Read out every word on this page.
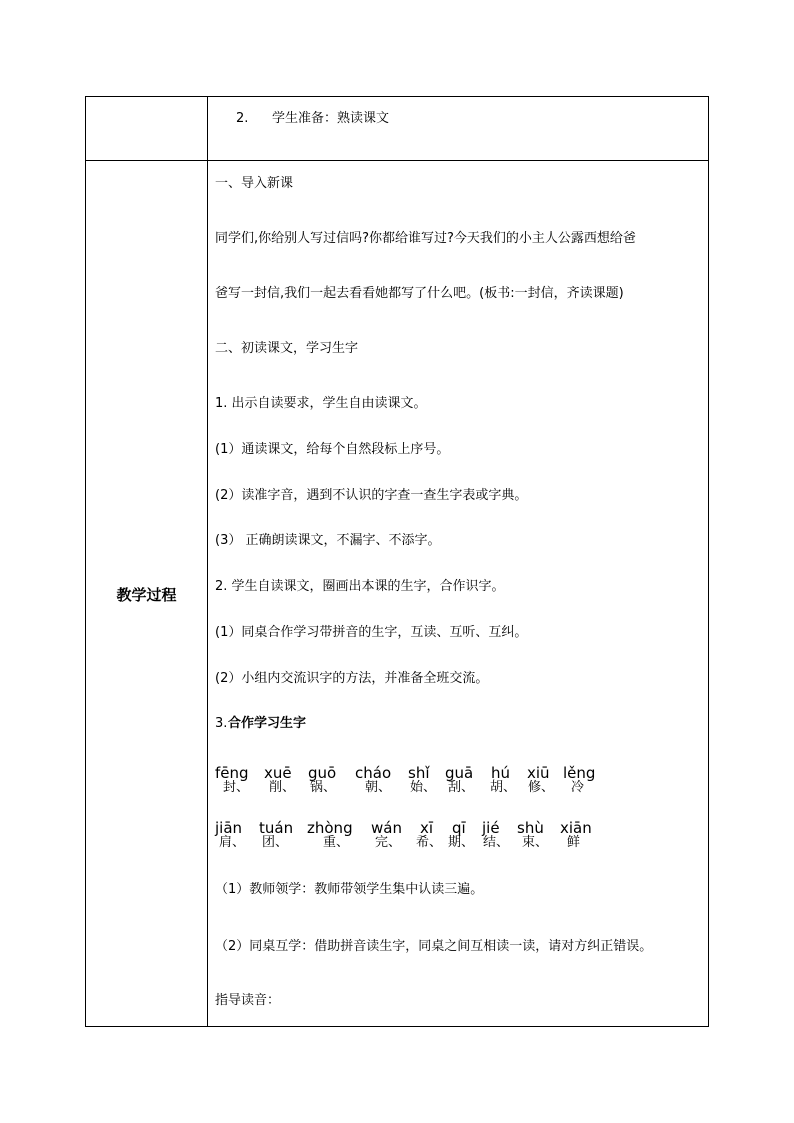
教学过程
2. 学生准备：熟读课文
一、导入新课
同学们,你给别人写过信吗?你都给谁写过?今天我们的小主人公露西想给爸
爸写一封信,我们一起去看看她都写了什么吧。(板书:一封信，齐读课题)
二、初读课文，学习生字
1. 出示自读要求，学生自由读课文。
(1）通读课文，给每个自然段标上序号。
(2）读准字音，遇到不认识的字查一查生字表或字典。
(3） 正确朗读课文，不漏字、不添字。
2. 学生自读课文，圈画出本课的生字，合作识字。
(1）同桌合作学习带拼音的生字，互读、互听、互纠。
(2）小组内交流识字的方法，并准备全班交流。
3. 合作学习生字
fēng
封、
xuē
削、
guō
锅、
cháo
朝、
shǐ
始、
guā
刮、
hú
胡、
xiū
修、
lěng
冷
jiān
肩、
tuán
团、
zhòng
重、
wán
完、
xī
希、
qī
期、
jié
结、
shù
束、
xiān
鲜
（1）教师领学：教师带领学生集中认读三遍。
（2）同桌互学：借助拼音读生字，同桌之间互相读一读，请对方纠正错误。
指导读音：
